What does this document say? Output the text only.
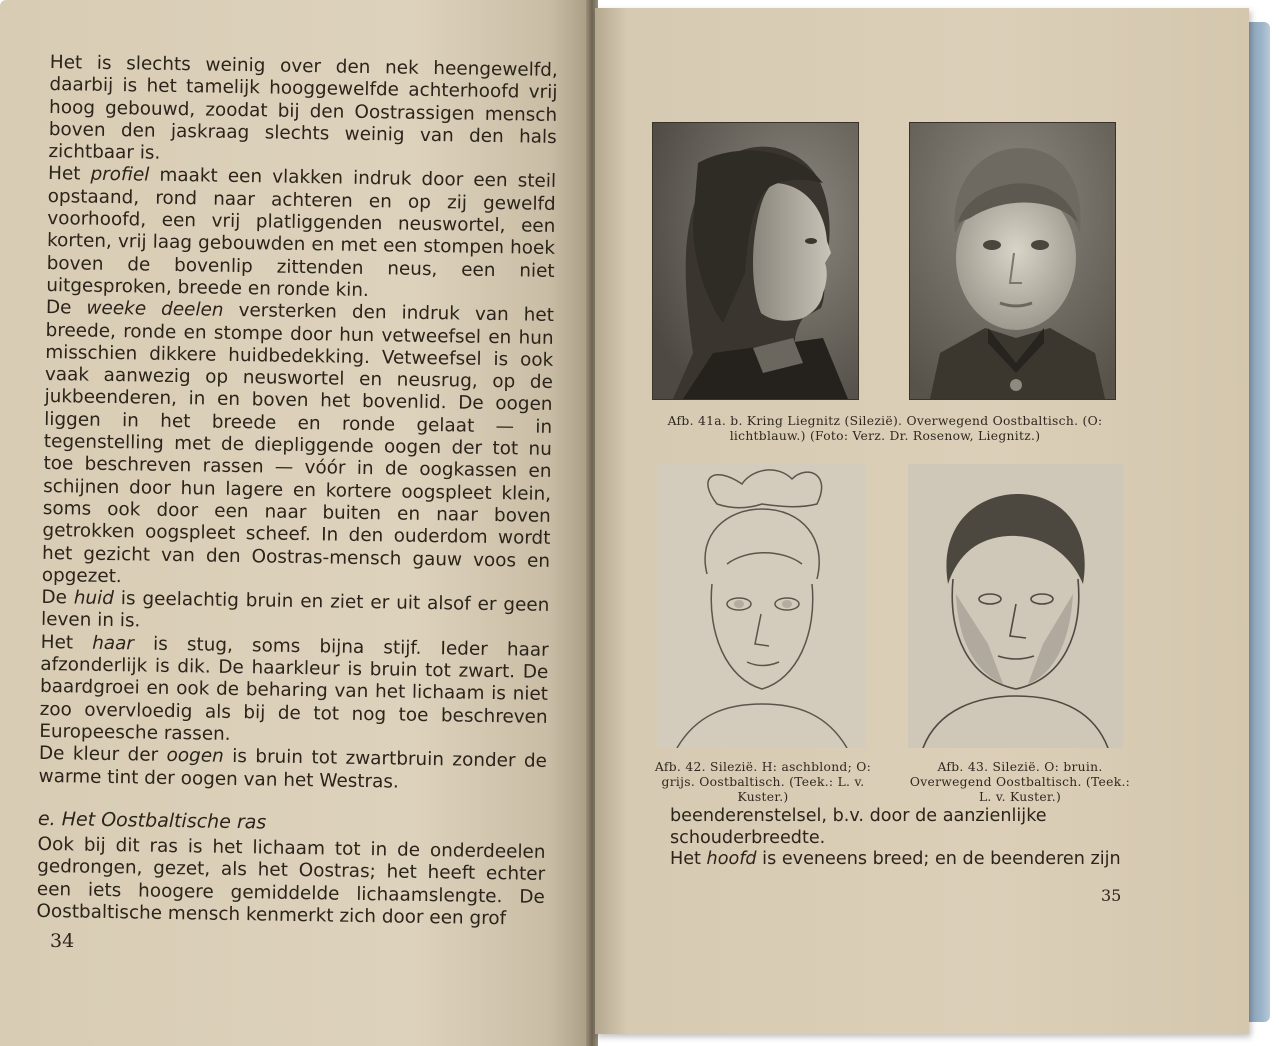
Het is slechts weinig over den nek heengewelfd, daarbij is het tamelijk hooggewelfde achterhoofd vrij hoog gebouwd, zoodat bij den Oostrassigen mensch boven den jaskraag slechts weinig van den hals zichtbaar is.

Het profiel maakt een vlakken indruk door een steil opstaand, rond naar achteren en op zij gewelfd voorhoofd, een vrij platliggenden neuswortel, een korten, vrij laag gebouwden en met een stompen hoek boven de bovenlip zittenden neus, een niet uitgesproken, breede en ronde kin.

De weeke deelen versterken den indruk van het breede, ronde en stompe door hun vetweefsel en hun misschien dikkere huidbedekking. Vetweefsel is ook vaak aanwezig op neuswortel en neusrug, op de jukbeenderen, in en boven het bovenlid. De oogen liggen in het breede en ronde gelaat — in tegenstelling met de diepliggende oogen der tot nu toe beschreven rassen — vóór in de oogkassen en schijnen door hun lagere en kortere oogspleet klein, soms ook door een naar buiten en naar boven getrokken oogspleet scheef. In den ouderdom wordt het gezicht van den Oostras-mensch gauw voos en opgezet.

De huid is geelachtig bruin en ziet er uit alsof er geen leven in is.

Het haar is stug, soms bijna stijf. Ieder haar afzonderlijk is dik. De haarkleur is bruin tot zwart. De baardgroei en ook de beharing van het lichaam is niet zoo overvloedig als bij de tot nog toe beschreven Europeesche rassen.

De kleur der oogen is bruin tot zwartbruin zonder de warme tint der oogen van het Westras.

e. Het Oostbaltische ras

Ook bij dit ras is het lichaam tot in de onderdeelen gedrongen, gezet, als het Oostras; het heeft echter een iets hoogere gemiddelde lichaamslengte. De Oostbaltische mensch kenmerkt zich door een grof

34
Afb. 41a. b. Kring Liegnitz (Silezië). Overwegend Oostbaltisch. (O: lichtblauw.) (Foto: Verz. Dr. Rosenow, Liegnitz.)
Afb. 42. Silezië. H: aschblond; O: grijs. Oostbaltisch. (Teek.: L. v. Kuster.)
Afb. 43. Silezië. O: bruin. Overwegend Oostbaltisch. (Teek.: L. v. Kuster.)

beenderenstelsel, b.v. door de aanzienlijke schouderbreedte.

Het hoofd is eveneens breed; en de beenderen zijn

35
